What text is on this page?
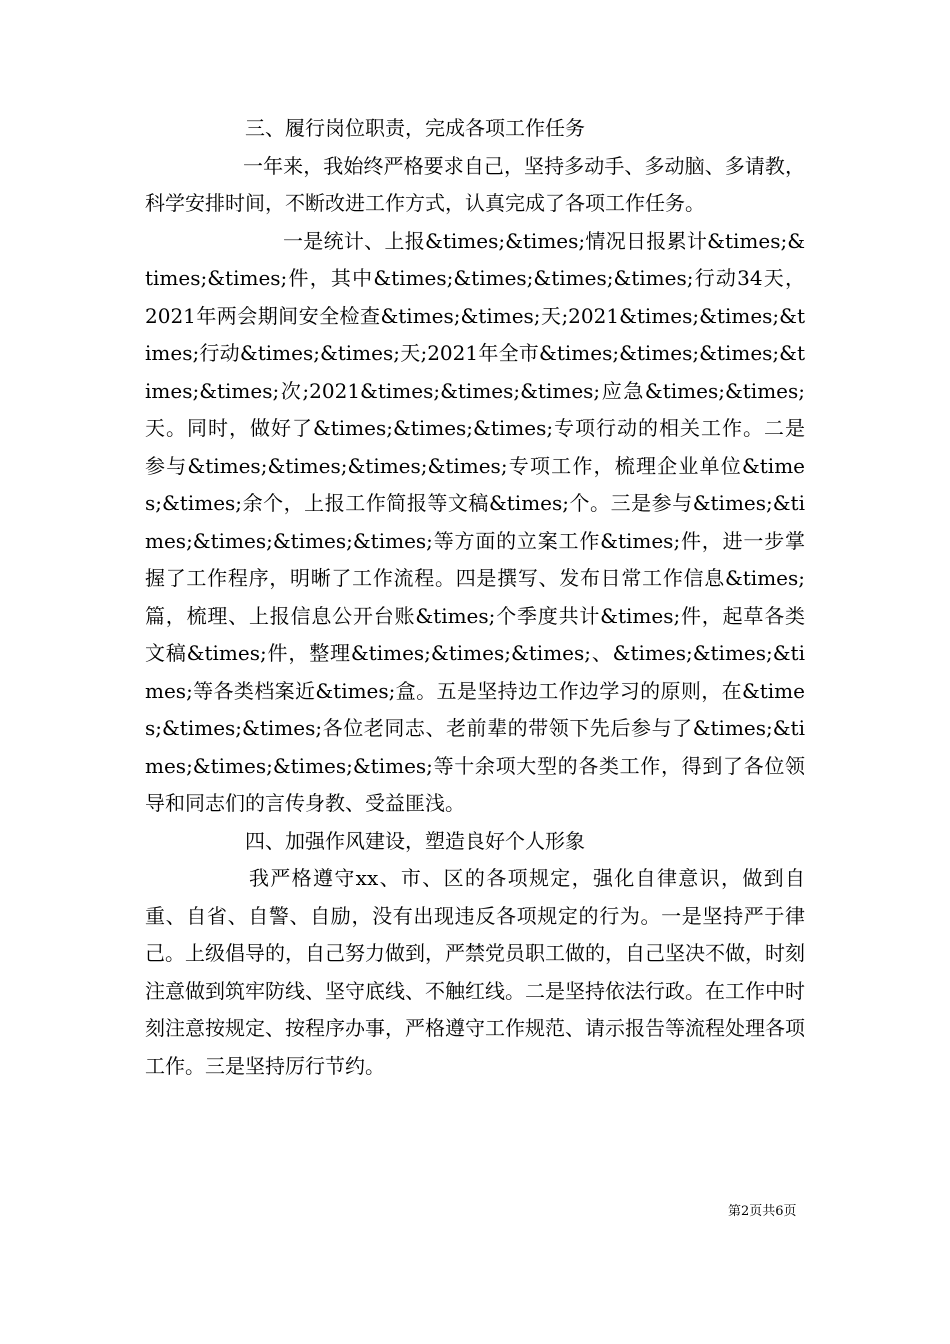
三、履行岗位职责，完成各项工作任务

一年来，我始终严格要求自己，坚持多动手、多动脑、多请教，科学安排时间，不断改进工作方式，认真完成了各项工作任务。

一是统计、上报&times;&times;情况日报累计&times;&times;&times;件，其中&times;&times;&times;&times;行动34天，2021年两会期间安全检查&times;&times;天;2021&times;&times;&times;行动&times;&times;天;2021年全市&times;&times;&times;&times;&times;次;2021&times;&times;&times;应急&times;&times;天。同时，做好了&times;&times;&times;专项行动的相关工作。二是参与&times;&times;&times;&times;专项工作，梳理企业单位&times;&times;余个，上报工作简报等文稿&times;个。三是参与&times;&times;&times;&times;&times;等方面的立案工作&times;件，进一步掌握了工作程序，明晰了工作流程。四是撰写、发布日常工作信息&times;篇，梳理、上报信息公开台账&times;个季度共计&times;件，起草各类文稿&times;件，整理&times;&times;&times;、&times;&times;&times;等各类档案近&times;盒。五是坚持边工作边学习的原则，在&times;&times;&times;各位老同志、老前辈的带领下先后参与了&times;&times;&times;&times;&times;等十余项大型的各类工作，得到了各位领导和同志们的言传身教、受益匪浅。

四、加强作风建设，塑造良好个人形象

我严格遵守xx、市、区的各项规定，强化自律意识，做到自重、自省、自警、自励，没有出现违反各项规定的行为。一是坚持严于律己。上级倡导的，自己努力做到，严禁党员职工做的，自己坚决不做，时刻注意做到筑牢防线、坚守底线、不触红线。二是坚持依法行政。在工作中时刻注意按规定、按程序办事，严格遵守工作规范、请示报告等流程处理各项工作。三是坚持厉行节约。

第2页共6页
